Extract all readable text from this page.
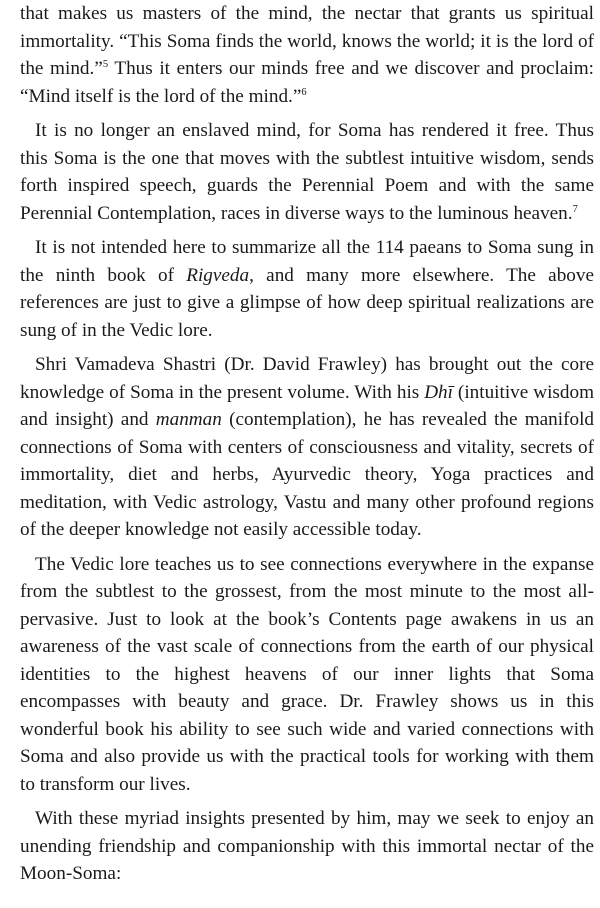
that makes us masters of the mind, the nectar that grants us spiritual immortality. “This Soma finds the world, knows the world; it is the lord of the mind.”$^5$ Thus it enters our minds free and we discover and proclaim: “Mind itself is the lord of the mind.”$^6$

It is no longer an enslaved mind, for Soma has rendered it free. Thus this Soma is the one that moves with the subtlest intuitive wisdom, sends forth inspired speech, guards the Perennial Poem and with the same Perennial Contemplation, races in diverse ways to the luminous heaven.$^7$

It is not intended here to summarize all the 114 paeans to Soma sung in the ninth book of Rigveda, and many more elsewhere. The above references are just to give a glimpse of how deep spiritual realizations are sung of in the Vedic lore.

Shri Vamadeva Shastri (Dr. David Frawley) has brought out the core knowledge of Soma in the present volume. With his Dhī (intuitive wisdom and insight) and manman (contemplation), he has revealed the manifold connections of Soma with centers of consciousness and vitality, secrets of immortality, diet and herbs, Ayurvedic theory, Yoga practices and meditation, with Vedic astrology, Vastu and many other profound regions of the deeper knowledge not easily accessible today.

The Vedic lore teaches us to see connections everywhere in the expanse from the subtlest to the grossest, from the most minute to the most all-pervasive. Just to look at the book’s Contents page awakens in us an awareness of the vast scale of connections from the earth of our physical identities to the highest heavens of our inner lights that Soma encompasses with beauty and grace. Dr. Frawley shows us in this wonderful book his ability to see such wide and varied connections with Soma and also provide us with the practical tools for working with them to transform our lives.

With these myriad insights presented by him, may we seek to enjoy an unending friendship and companionship with this immortal nectar of the Moon-Soma:
